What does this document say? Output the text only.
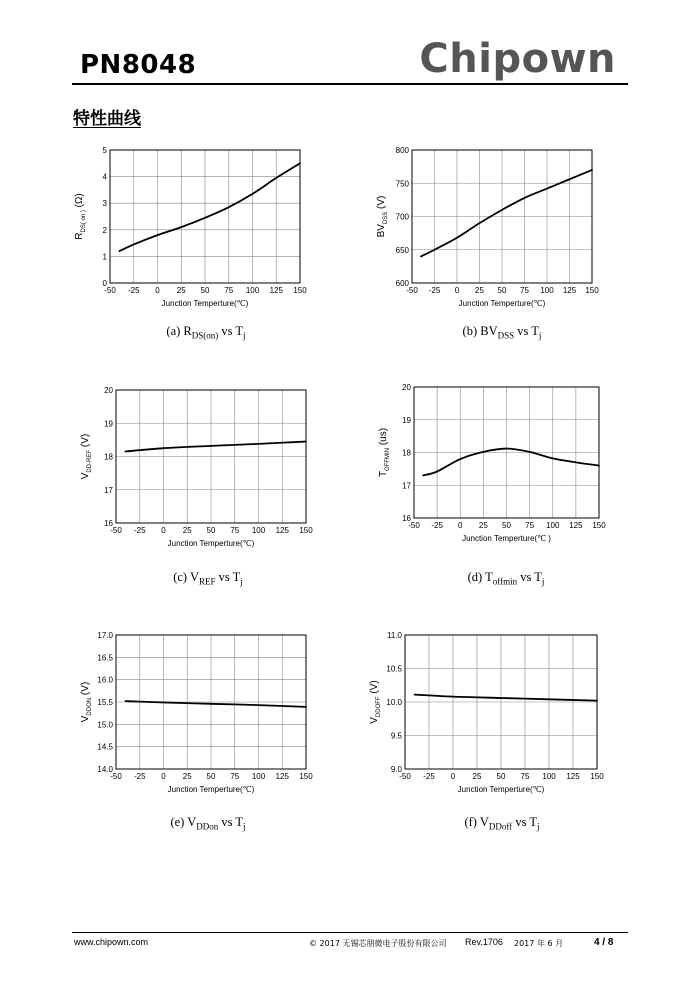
PN8048	Chipown
特性曲线
-50 -25 0 25 50 75 100 125 150
0
1
2
3
4
5
Junction Temperture(℃)
$R_{DS( on )}$ (Ω)
-50 -25 0 25 50 75 100 125 150
600
650
700
750
800
Junction Temperture(℃)
$BV_{DSS}$ (V)
-50 -25 0 25 50 75 100 125 150
16
17
18
19
20
Junction Temperture(℃)
$V_{DD-REF}$ (V)
-50 -25 0 25 50 75 100 125 150
16
17
18
19
20
Junction Temperture(℃ )
$T_{OFFMIN}$ (us)
-50 -25 0 25 50 75 100 125 150
14.0
14.5
15.0
15.5
16.0
16.5
17.0
Junction Temperture(℃)
$V_{DDON}$ (V)
-50 -25 0 25 50 75 100 125 150
9.0
9.5
10.0
10.5
11.0
Junction Temperture(℃)
$V_{DDOFF}$ (V)
(a) $R_{DS(on)}$ vs $T_j$	(b) $BV_{DSS}$ vs $T_j$
(c) $V_{REF}$ vs $T_j$	(d) $T_{offmin}$ vs $T_j$
(e) $V_{DDon}$ vs $T_j$	(f) $V_{DDoff}$ vs $T_j$
www.chipown.com	© 2017 无锡芯朋微电子股份有限公司 Rev.1706 2017 年 6 月	4 / 8
